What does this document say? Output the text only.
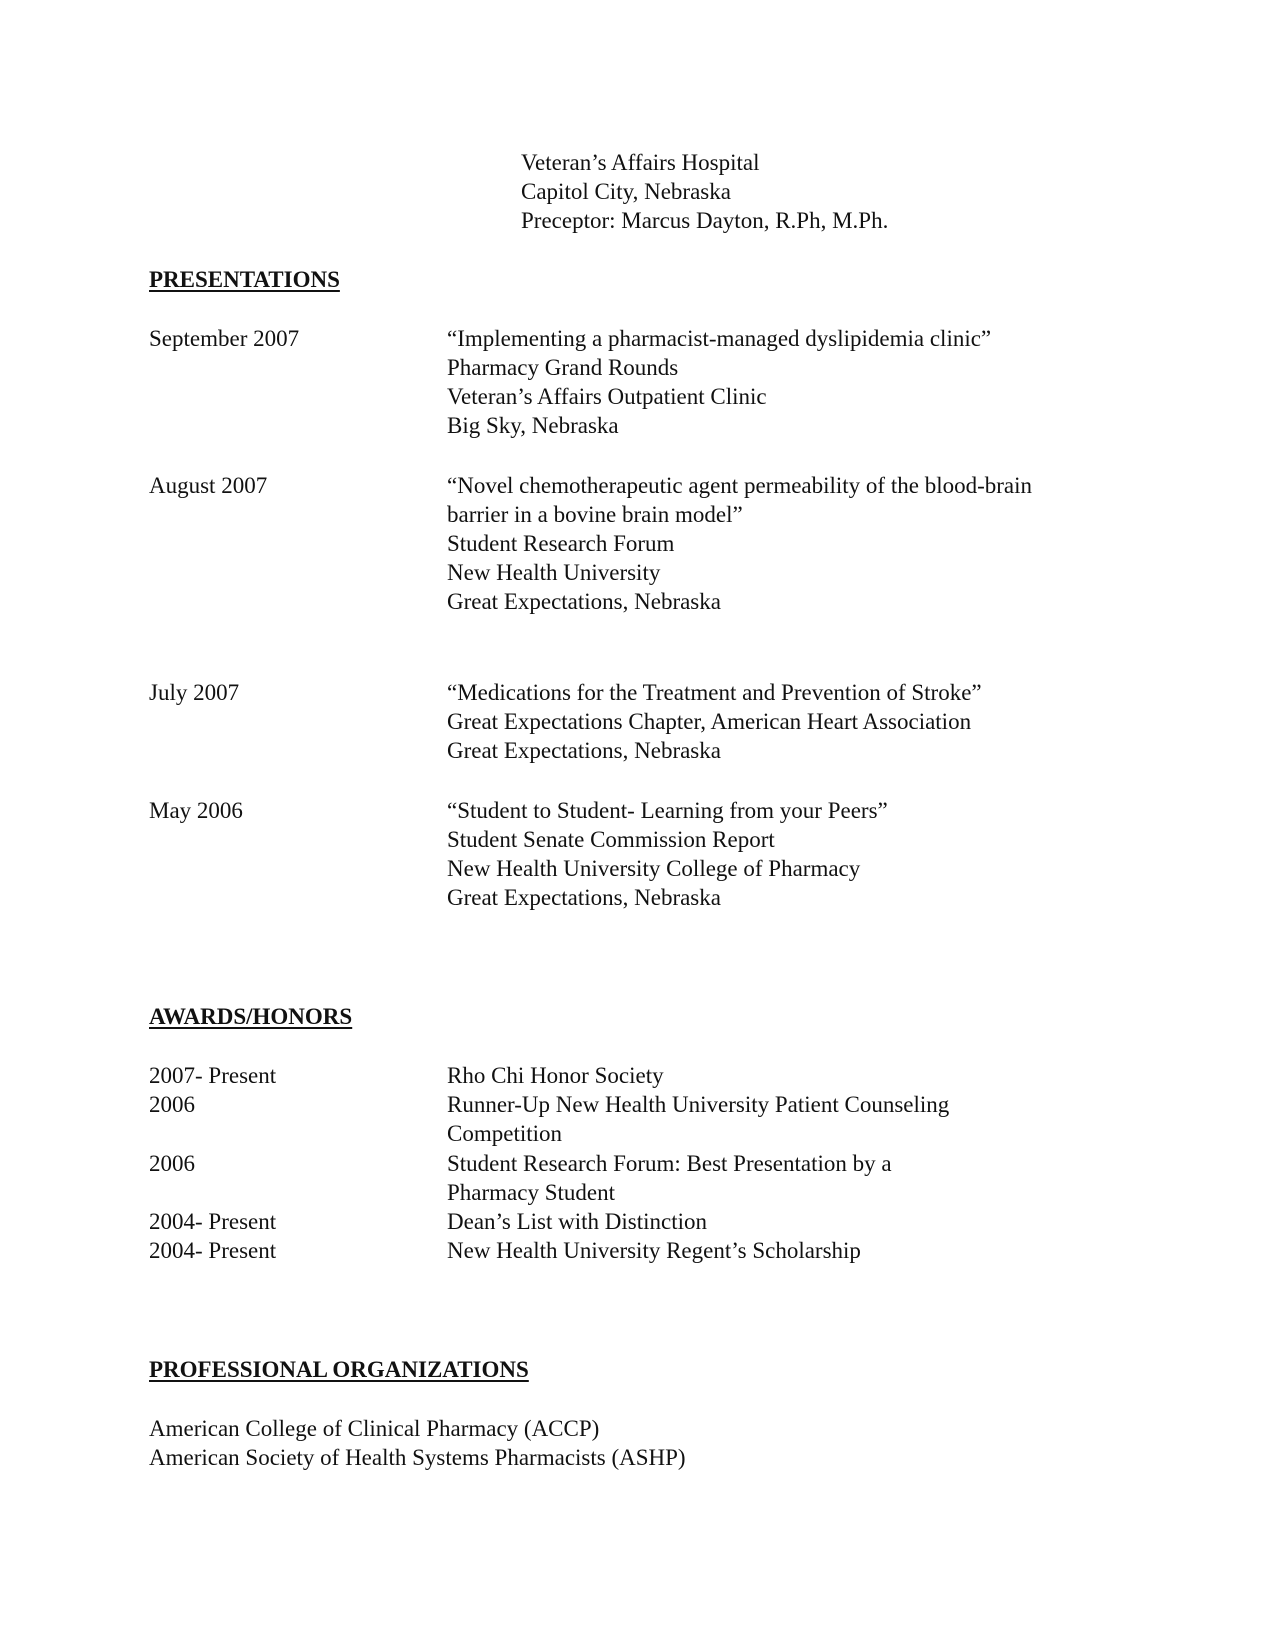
Veteran’s Affairs Hospital
Capitol City, Nebraska
Preceptor: Marcus Dayton, R.Ph, M.Ph.
PRESENTATIONS
September 2007	“Implementing a pharmacist-managed dyslipidemia clinic”
Pharmacy Grand Rounds
Veteran’s Affairs Outpatient Clinic
Big Sky, Nebraska
August 2007	“Novel chemotherapeutic agent permeability of the blood-brain
barrier in a bovine brain model”
Student Research Forum
New Health University
Great Expectations, Nebraska
July 2007	“Medications for the Treatment and Prevention of Stroke”
Great Expectations Chapter, American Heart Association
Great Expectations, Nebraska
May 2006	“Student to Student- Learning from your Peers”
Student Senate Commission Report
New Health University College of Pharmacy
Great Expectations, Nebraska
AWARDS/HONORS
2007- Present	Rho Chi Honor Society
2006	Runner-Up New Health University Patient Counseling
Competition
2006	Student Research Forum: Best Presentation by a
Pharmacy Student
2004- Present	Dean’s List with Distinction
2004- Present	New Health University Regent’s Scholarship
PROFESSIONAL ORGANIZATIONS
American College of Clinical Pharmacy (ACCP)
American Society of Health Systems Pharmacists (ASHP)
